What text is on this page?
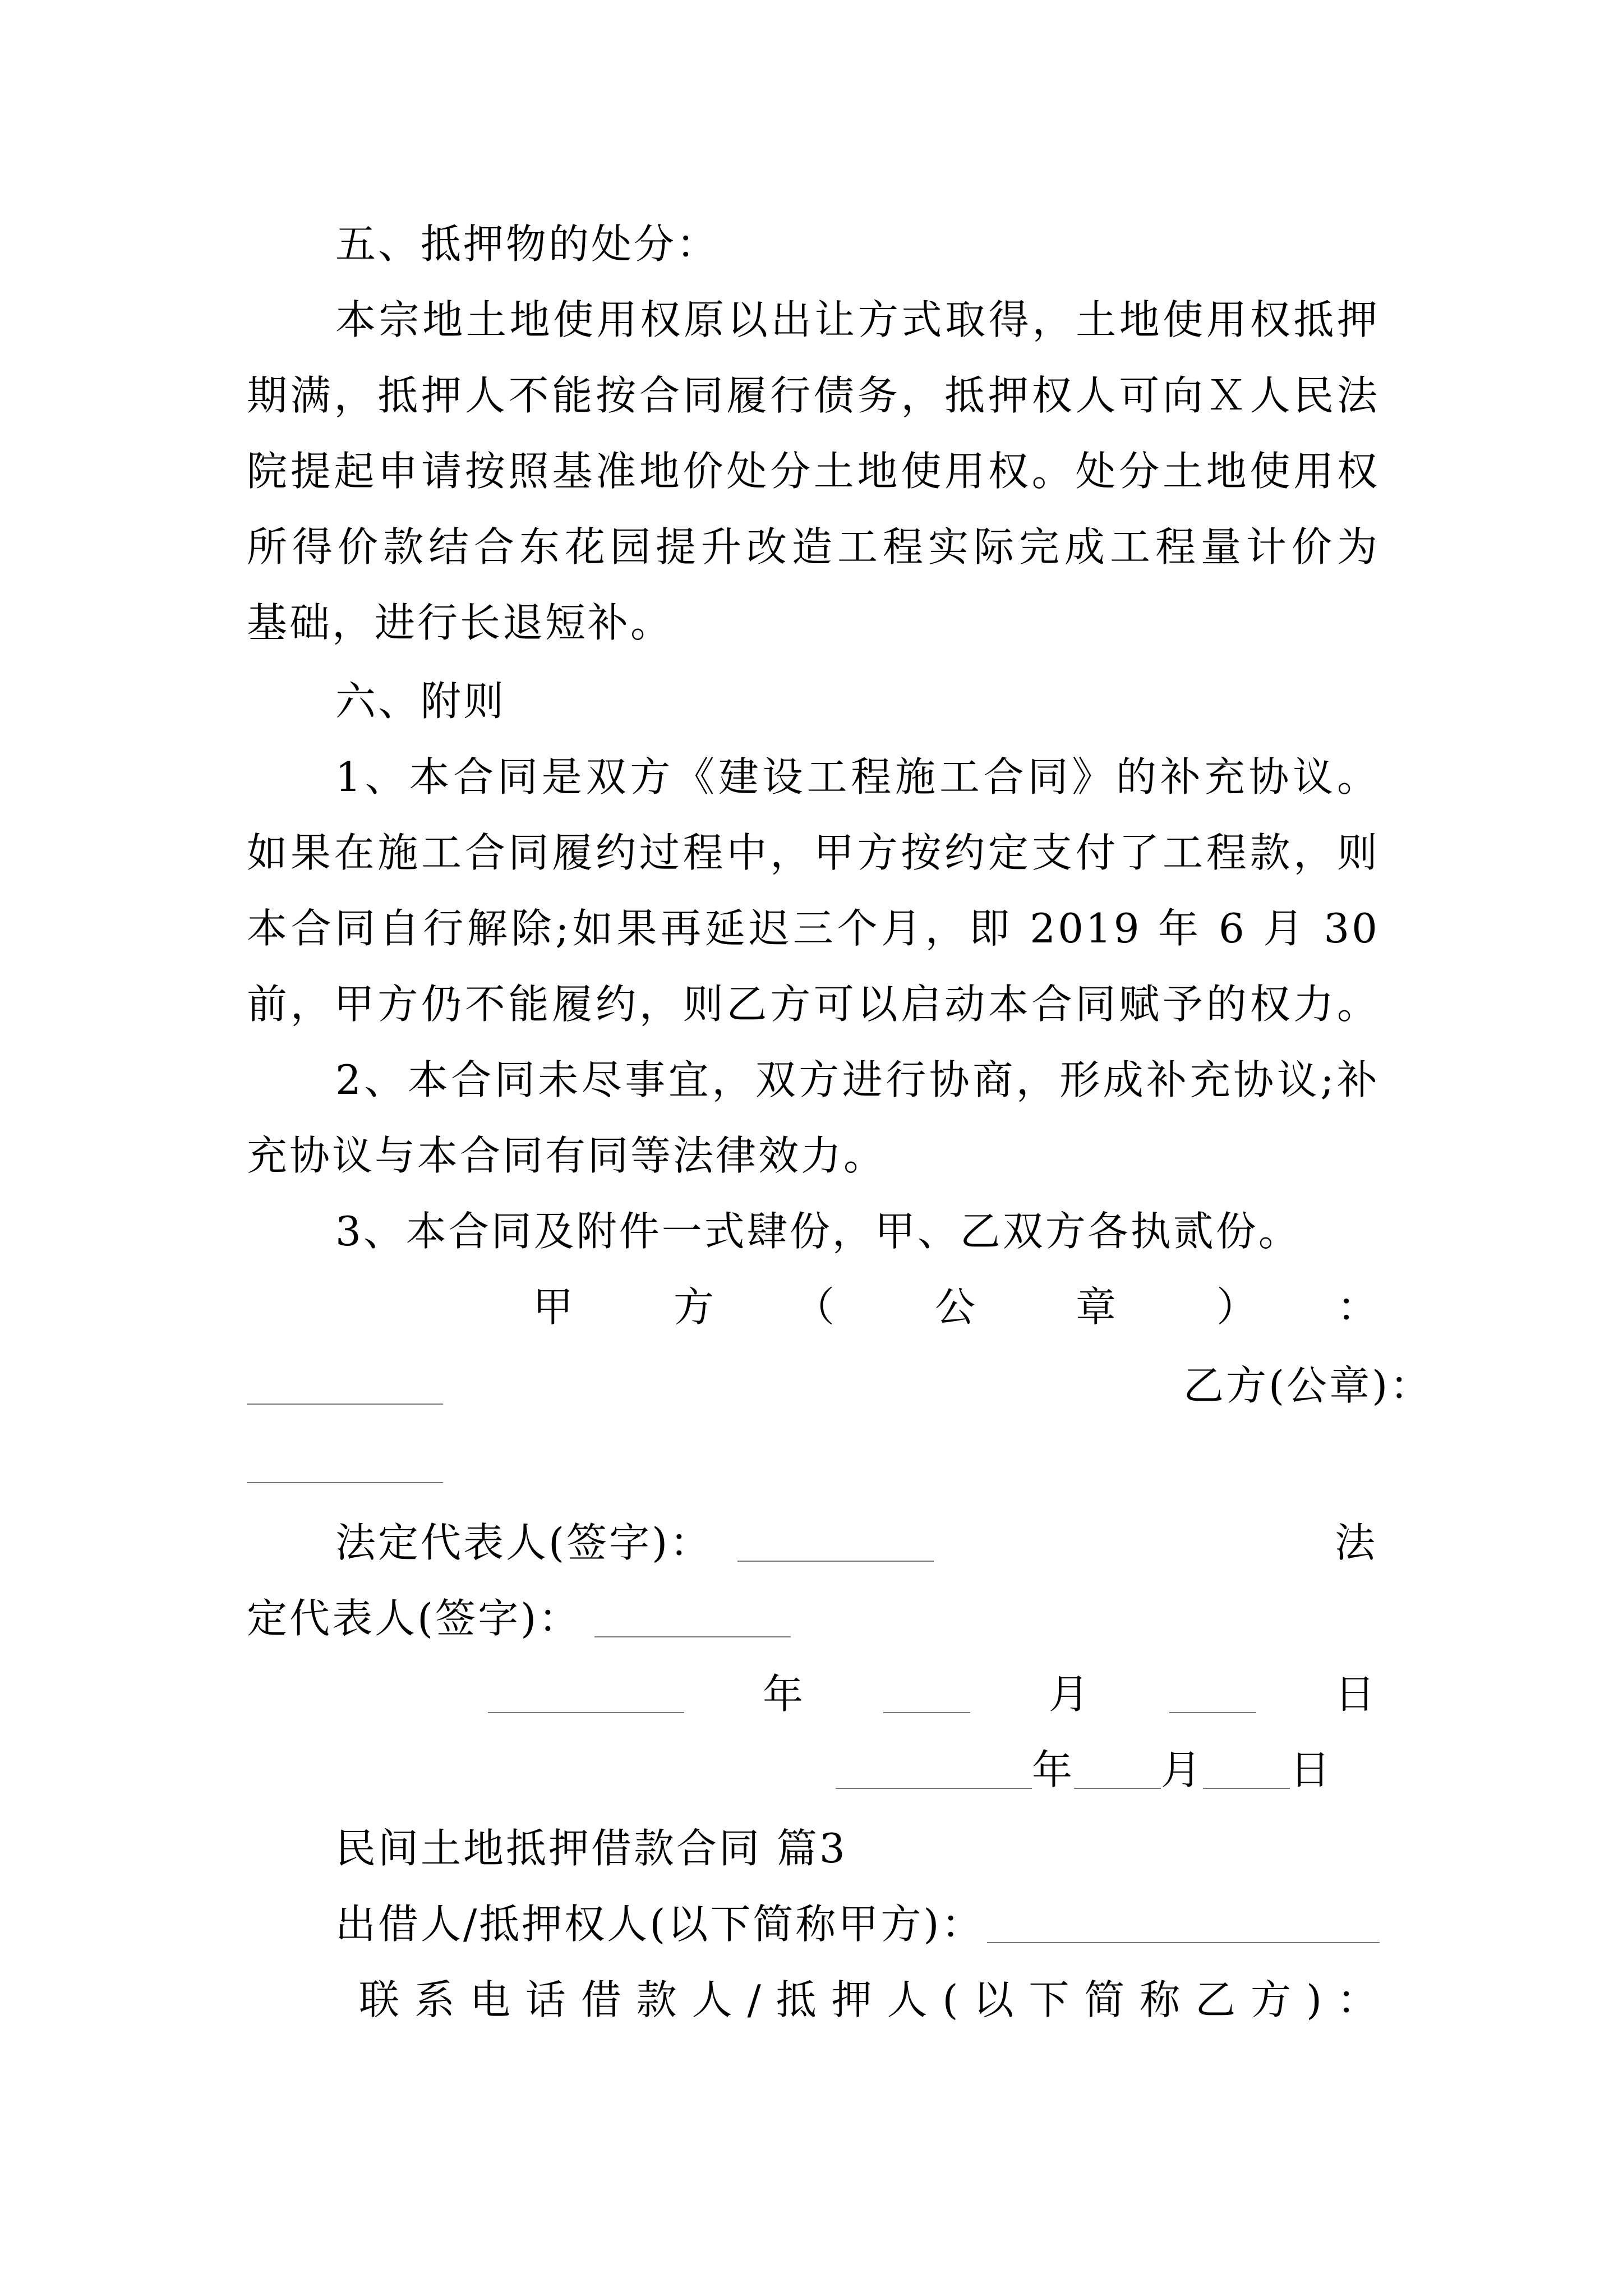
五、抵押物的处分：
本宗地土地使用权原以出让方式取得，土地使用权抵押
期满，抵押人不能按合同履行债务，抵押权人可向Ｘ人民法
院提起申请按照基准地价处分土地使用权。处分土地使用权
所得价款结合东花园提升改造工程实际完成工程量计价为
基础，进行长退短补。
六、附则
1、本合同是双方《建设工程施工合同》的补充协议。
如果在施工合同履约过程中，甲方按约定支付了工程款，则
本合同自行解除;如果再延迟三个月，即 2019 年 6 月 30
前，甲方仍不能履约，则乙方可以启动本合同赋予的权力。
2、本合同未尽事宜，双方进行协商，形成补充协议;补
充协议与本合同有同等法律效力。
3、本合同及附件一式肆份，甲、乙双方各执贰份。
甲　方　（　公　章　）　：
乙方(公章)：
法定代表人(签字)：	法
定代表人(签字)：
年	月	日
年 月 日
民间土地抵押借款合同 篇3
出借人/抵押权人(以下简称甲方)：
联系电话借款人/抵押人(以下简称乙方)：
